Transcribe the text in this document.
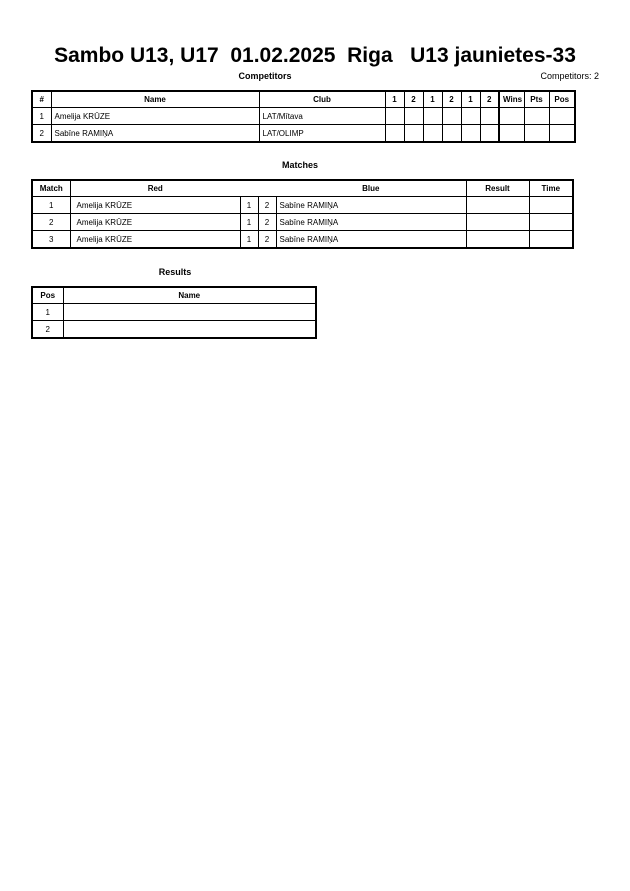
Sambo U13, U17  01.02.2025  Riga   U13 jaunietes-33
Competitors	Competitors: 2
#	Name	Club	1	2	1	2	1	2	Wins	Pts	Pos
1	Amelija KRŪZE	LAT/Mītava									
2	Sabīne RAMIŅA	LAT/OLIMP									
Matches
Match	Red			Blue	Result	Time
1	Amelija KRŪZE	1	2	Sabīne RAMIŅA		
2	Amelija KRŪZE	1	2	Sabīne RAMIŅA		
3	Amelija KRŪZE	1	2	Sabīne RAMIŅA		
Results
Pos	Name
1	
2	
